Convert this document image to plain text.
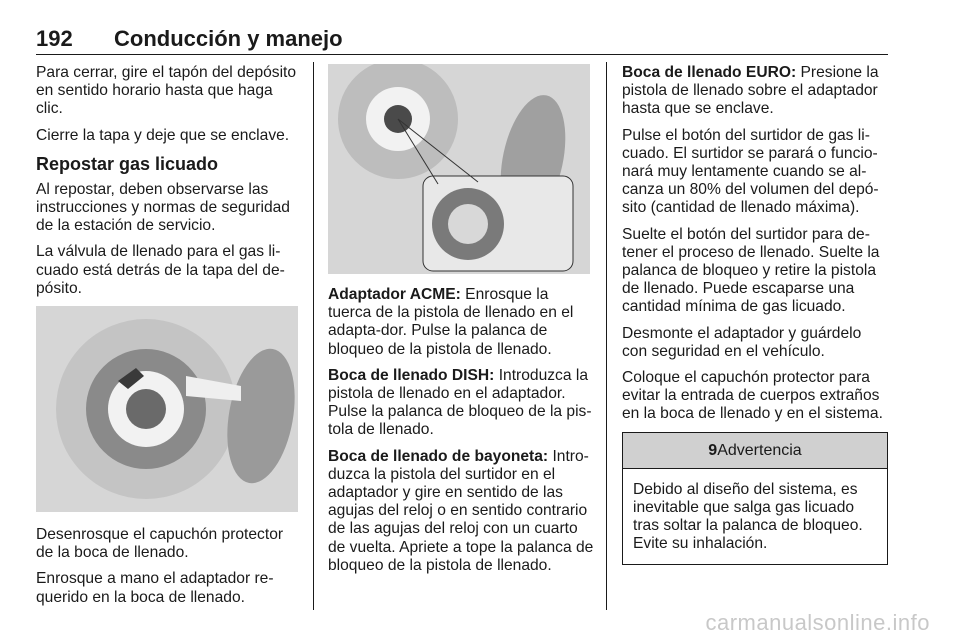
192 Conducción y manejo

Para cerrar, gire el tapón del depósito en sentido horario hasta que haga clic.

Cierre la tapa y deje que se enclave.

Repostar gas licuado

Al repostar, deben observarse las instrucciones y normas de seguridad de la estación de servicio.

La válvula de llenado para el gas li-cuado está detrás de la tapa del de-pósito.

Desenrosque el capuchón protector de la boca de llenado.

Enrosque a mano el adaptador re-querido en la boca de llenado.

Adaptador ACME: Enrosque la tuerca de la pistola de llenado en el adapta-dor. Pulse la palanca de bloqueo de la pistola de llenado.

Boca de llenado DISH: Introduzca la pistola de llenado en el adaptador. Pulse la palanca de bloqueo de la pis-tola de llenado.

Boca de llenado de bayoneta: Intro-duzca la pistola del surtidor en el adaptador y gire en sentido de las agujas del reloj o en sentido contrario de las agujas del reloj con un cuarto de vuelta. Apriete a tope la palanca de bloqueo de la pistola de llenado.

Boca de llenado EURO: Presione la pistola de llenado sobre el adaptador hasta que se enclave.

Pulse el botón del surtidor de gas li-cuado. El surtidor se parará o funcio-nará muy lentamente cuando se al-canza un 80% del volumen del depó-sito (cantidad de llenado máxima).

Suelte el botón del surtidor para de-tener el proceso de llenado. Suelte la palanca de bloqueo y retire la pistola de llenado. Puede escaparse una cantidad mínima de gas licuado.

Desmonte el adaptador y guárdelo con seguridad en el vehículo.

Coloque el capuchón protector para evitar la entrada de cuerpos extraños en la boca de llenado y en el sistema.

9Advertencia
Debido al diseño del sistema, es inevitable que salga gas licuado tras soltar la palanca de bloqueo. Evite su inhalación.
carmanualsonline.info
